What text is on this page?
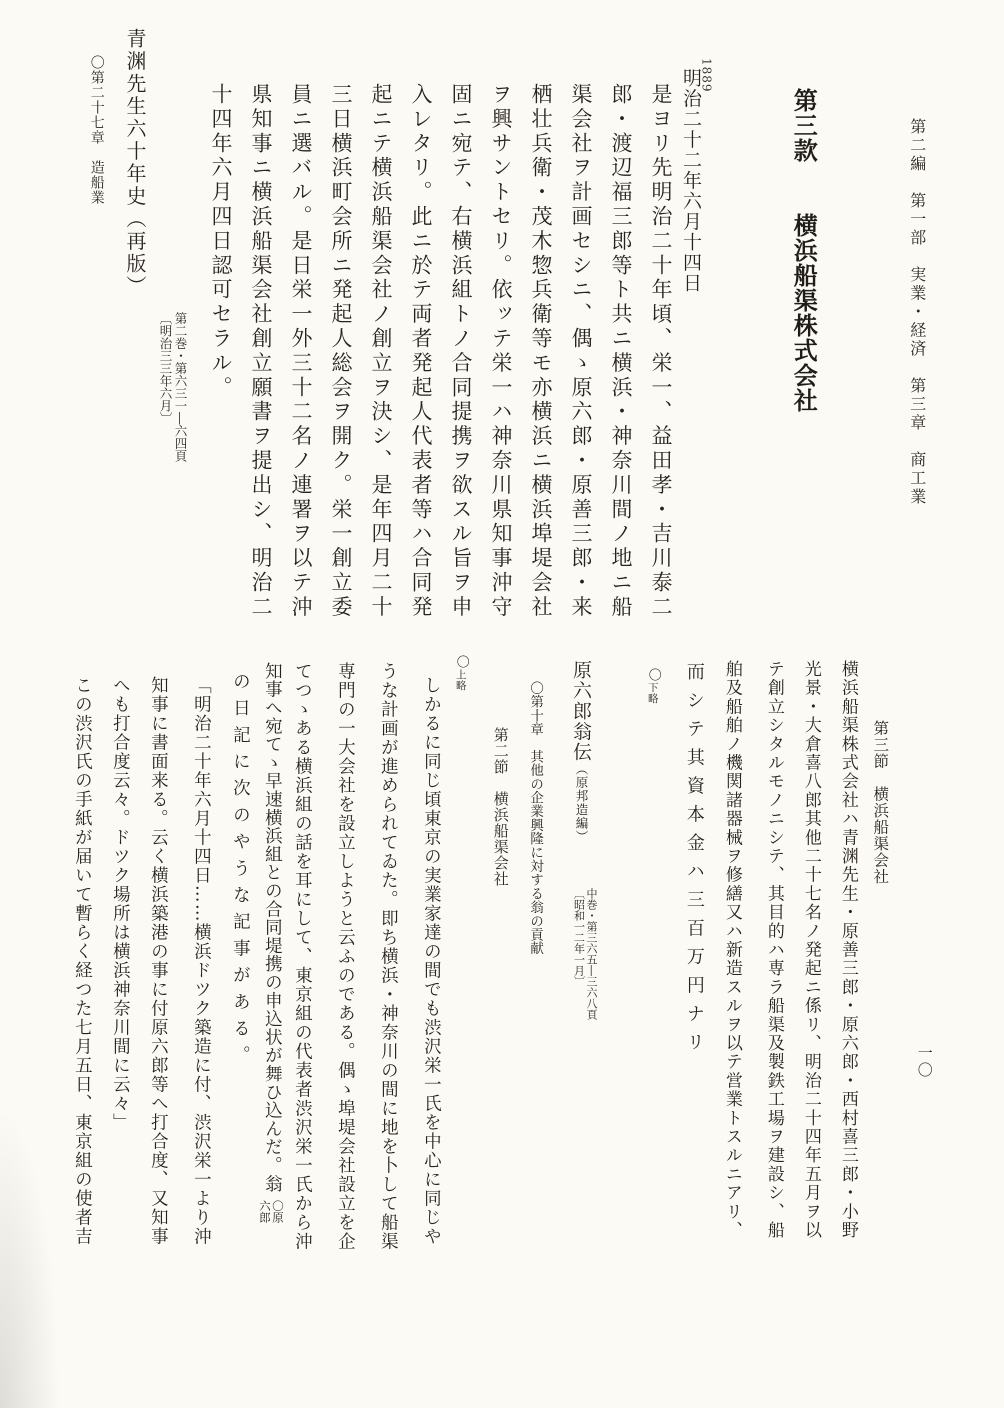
第二編　第一部　実業・経済　第三章　商工業
一〇
第三款　　横浜船渠株式会社
1889
明治二十二年六月十四日
是ヨリ先明治二十年頃、栄一、益田孝・吉川泰二
郎・渡辺福三郎等ト共ニ横浜・神奈川間ノ地ニ船
渠会社ヲ計画セシニ、偶ゝ原六郎・原善三郎・来
栖壮兵衛・茂木惣兵衛等モ亦横浜ニ横浜埠堤会社
ヲ興サントセリ。依ッテ栄一ハ神奈川県知事沖守
固ニ宛テ、右横浜組トノ合同提携ヲ欲スル旨ヲ申
入レタリ。此ニ於テ両者発起人代表者等ハ合同発
起ニテ横浜船渠会社ノ創立ヲ決シ、是年四月二十
三日横浜町会所ニ発起人総会ヲ開ク。栄一創立委
員ニ選バル。是日栄一外三十二名ノ連署ヲ以テ沖
県知事ニ横浜船渠会社創立願書ヲ提出シ、明治二
十四年六月四日認可セラル。
第二巻・第六三一―六四頁
〔明治三三年六月〕
青渊先生六十年史（再版）
〇第二十七章　造船業
第三節　横浜船渠会社
横浜船渠株式会社ハ青渊先生・原善三郎・原六郎・西村喜三郎・小野
光景・大倉喜八郎其他二十七名ノ発起ニ係リ、明治二十四年五月ヲ以
テ創立シタルモノニシテ、其目的ハ専ラ船渠及製鉄工場ヲ建設シ、船
舶及船舶ノ機関諸器械ヲ修繕又ハ新造スルヲ以テ営業トスルニアリ、
而シテ其資本金ハ三百万円ナリ
〇下略
原六郎翁伝（原邦造編）
中巻・第三六五―三六八頁
〔昭和一二年一月〕
〇第十章　其他の企業興隆に対する翁の貢献
第二節　横浜船渠会社
〇上略
しかるに同じ頃東京の実業家達の間でも渋沢栄一氏を中心に同じや
うな計画が進められてゐた。即ち横浜・神奈川の間に地を卜して船渠
専門の一大会社を設立しようと云ふのである。偶ゝ埠堤会社設立を企
てつゝある横浜組の話を耳にして、東京組の代表者渋沢栄一氏から沖
知事へ宛てゝ早速横浜組との合同堤携の申込状が舞ひ込んだ。翁
〇原
六郎
の日記に次のやうな記事がある。
「明治二十年六月十四日……横浜ドツク築造に付、渋沢栄一より沖
知事に書面来る。云く横浜築港の事に付原六郎等へ打合度、又知事
へも打合度云々。ドツク場所は横浜神奈川間に云々」
この渋沢氏の手紙が届いて暫らく経つた七月五日、東京組の使者吉
